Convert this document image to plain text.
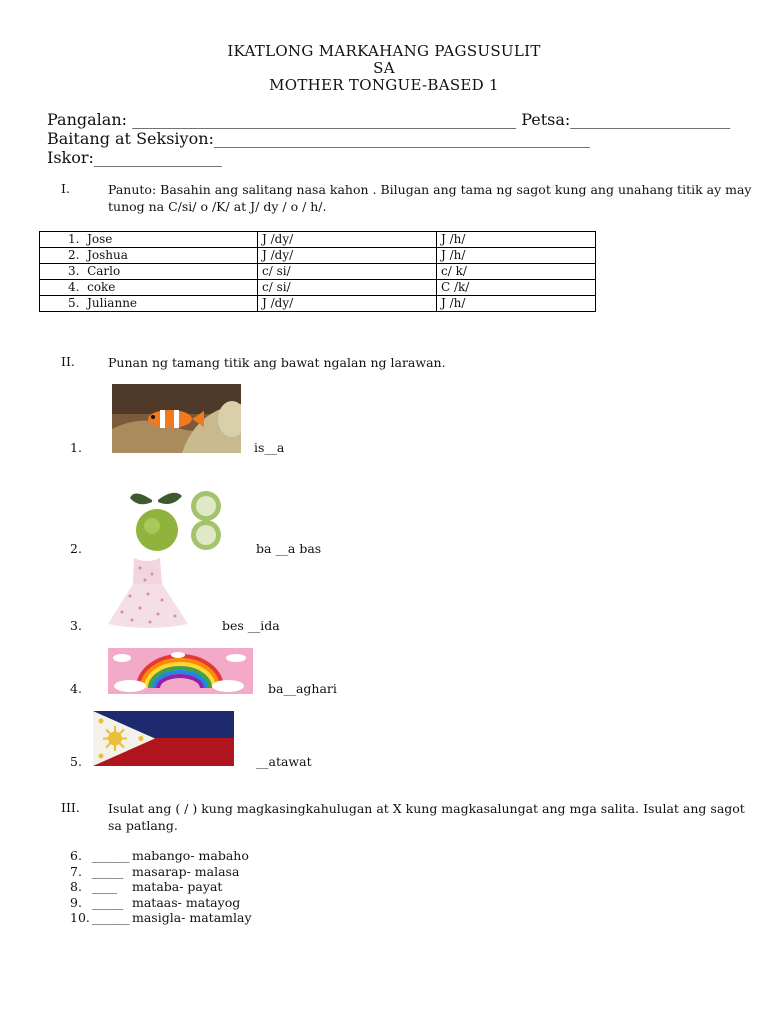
IKATLONG MARKAHANG PAGSUSULIT
SA
MOTHER TONGUE-BASED 1
Pangalan: ________________________________________________ Petsa:____________________
Baitang at Seksiyon:_______________________________________________ Iskor:________________
I.	Panuto: Basahin ang salitang nasa kahon . Bilugan ang tama ng sagot kung ang unahang titik ay may
tunog na C/si/ o /K/ at J/ dy / o / h/.
1. Jose	J /dy/	J /h/
2. Joshua	J /dy/	J /h/
3. Carlo	c/ si/	c/ k/
4. coke	c/ si/	C /k/
5. Julianne	J /dy/	J /h/
II.	Punan ng tamang titik ang bawat ngalan ng larawan.
1.	is__a
2.	ba __a bas
3.	bes __ida
4.	ba__aghari
5.	__atawat
III. Isulat ang ( / ) kung magkasingkahulugan at X kung magkasalungat ang mga salita. Isulat ang sagot
sa patlang.
6. ______ mabango- mabaho
7. _____ masarap- malasa
8. ____ mataba- payat
9. _____ mataas- matayog
10. ______ masigla- matamlay
